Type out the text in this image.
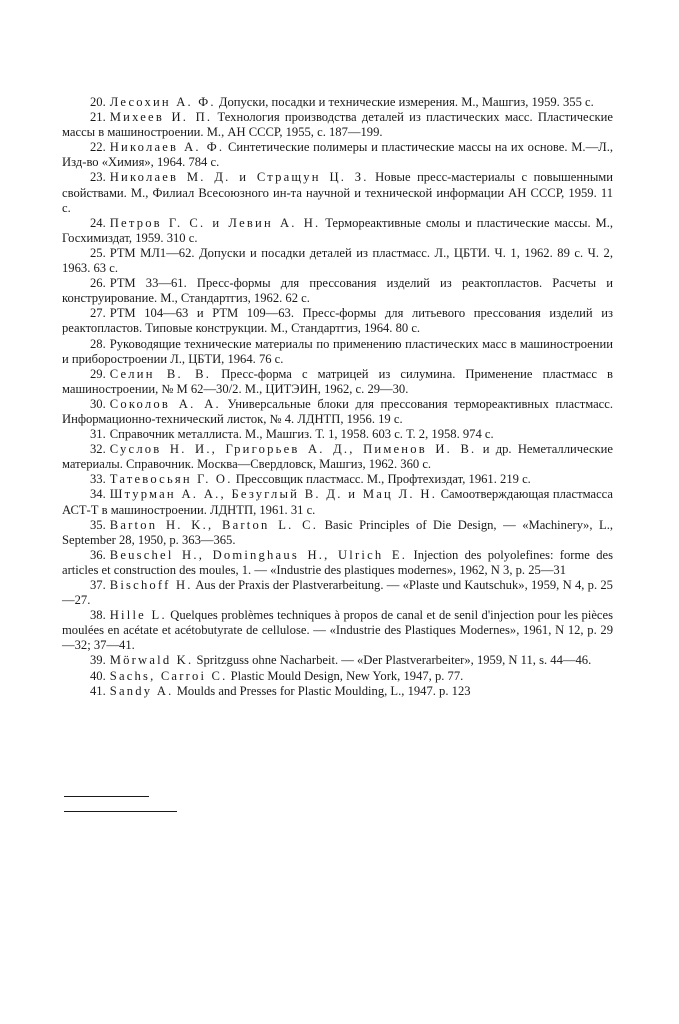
20. Лесохин А. Ф. Допуски, посадки и технические измерения. М., Машгиз, 1959. 355 с.
21. Михеев И. П. Технология производства деталей из пластических масс. Пластические массы в машиностроении. М., АН СССР, 1955, с. 187—199.
22. Николаев А. Ф. Синтетические полимеры и пластические массы на их основе. М.—Л., Изд-во «Химия», 1964. 784 с.
23. Николаев М. Д. и Стращун Ц. З. Новые пресс-мастериалы с повышенными свойствами. М., Филиал Всесоюзного ин-та научной и технической информации АН СССР, 1959. 11 с.
24. Петров Г. С. и Левин А. Н. Термореактивные смолы и пластические массы. М., Госхимиздат, 1959. 310 с.
25. РТМ МЛ1—62. Допуски и посадки деталей из пластмасс. Л., ЦБТИ. Ч. 1, 1962. 89 с. Ч. 2, 1963. 63 с.
26. РТМ 33—61. Пресс-формы для прессования изделий из реактопластов. Расчеты и конструирование. М., Стандартгиз, 1962. 62 с.
27. РТМ 104—63 и РТМ 109—63. Пресс-формы для литьевого прессования изделий из реактопластов. Типовые конструкции. М., Стандартгиз, 1964. 80 с.
28. Руководящие технические материалы по применению пластических масс в машиностроении и приборостроении Л., ЦБТИ, 1964. 76 с.
29. Селин В. В. Пресс-форма с матрицей из силумина. Применение пластмасс в машиностроении, № М 62—30/2. М., ЦИТЭИН, 1962, с. 29—30.
30. Соколов А. А. Универсальные блоки для прессования термореактивных пластмасс. Информационно-технический листок, № 4. ЛДНТП, 1956. 19 с.
31. Справочник металлиста. М., Машгиз. Т. 1, 1958. 603 с. Т. 2, 1958. 974 с.
32. Суслов Н. И., Григорьев А. Д., Пименов И. В. и др. Неметаллические материалы. Справочник. Москва—Свердловск, Машгиз, 1962. 360 с.
33. Татевосьян Г. О. Прессовщик пластмасс. М., Профтехиздат, 1961. 219 с.
34. Штурман А. А., Безуглый В. Д. и Мац Л. Н. Самоотверждающая пластмасса АСТ-Т в машиностроении. ЛДНТП, 1961. 31 с.
35. Barton H. K., Barton L. C. Basic Principles of Die Design, — «Machinery», L., September 28, 1950, p. 363—365.
36. Beuschel H., Dominghaus H., Ulrich E. Injection des polyolefines: forme des articles et construction des moules, 1. — «Industrie des plastiques modernes», 1962, N 3, p. 25—31
37. Bischoff H. Aus der Praxis der Plastverarbeitung. — «Plaste und Kautschuk», 1959, N 4, p. 25—27.
38. Hille L. Quelques problèmes techniques à propos de canal et de senil d'injection pour les pièces moulées en acétate et acétobutyrate de cellulose. — «Industrie des Plastiques Modernes», 1961, N 12, p. 29—32; 37—41.
39. Mörwald K. Spritzguss ohne Nacharbeit. — «Der Plastverarbeiter», 1959, N 11, s. 44—46.
40. Sachs, Carroi C. Plastic Mould Design, New York, 1947, p. 77.
41. Sandy A. Moulds and Presses for Plastic Moulding, L., 1947. p. 123
